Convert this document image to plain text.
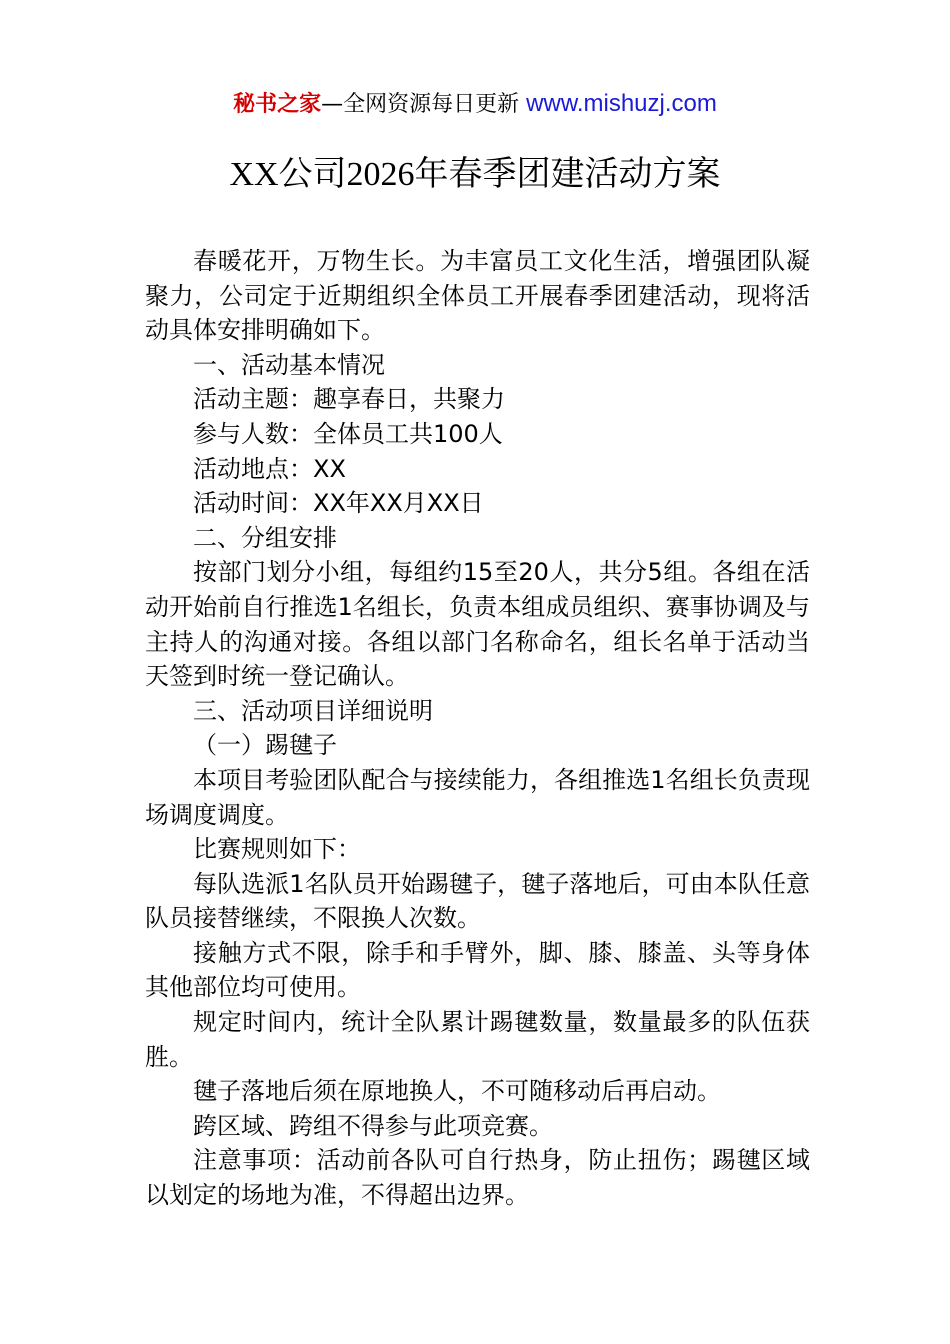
秘书之家—全网资源每日更新 www.mishuzj.com
XX公司2026年春季团建活动方案

春暖花开，万物生长。为丰富员工文化生活，增强团队凝聚力，公司定于近期组织全体员工开展春季团建活动，现将活动具体安排明确如下。

一、活动基本情况

活动主题：趣享春日，共聚力

参与人数：全体员工共100人

活动地点：XX

活动时间：XX年XX月XX日

二、分组安排

按部门划分小组，每组约15至20人，共分5组。各组在活动开始前自行推选1名组长，负责本组成员组织、赛事协调及与主持人的沟通对接。各组以部门名称命名，组长名单于活动当天签到时统一登记确认。

三、活动项目详细说明

（一）踢毽子

本项目考验团队配合与接续能力，各组推选1名组长负责现场调度调度。

比赛规则如下：

每队选派1名队员开始踢毽子，毽子落地后，可由本队任意队员接替继续，不限换人次数。

接触方式不限，除手和手臂外，脚、膝、膝盖、头等身体其他部位均可使用。

规定时间内，统计全队累计踢毽数量，数量最多的队伍获胜。

毽子落地后须在原地换人，不可随移动后再启动。

跨区域、跨组不得参与此项竞赛。

注意事项：活动前各队可自行热身，防止扭伤；踢毽区域以划定的场地为准，不得超出边界。
